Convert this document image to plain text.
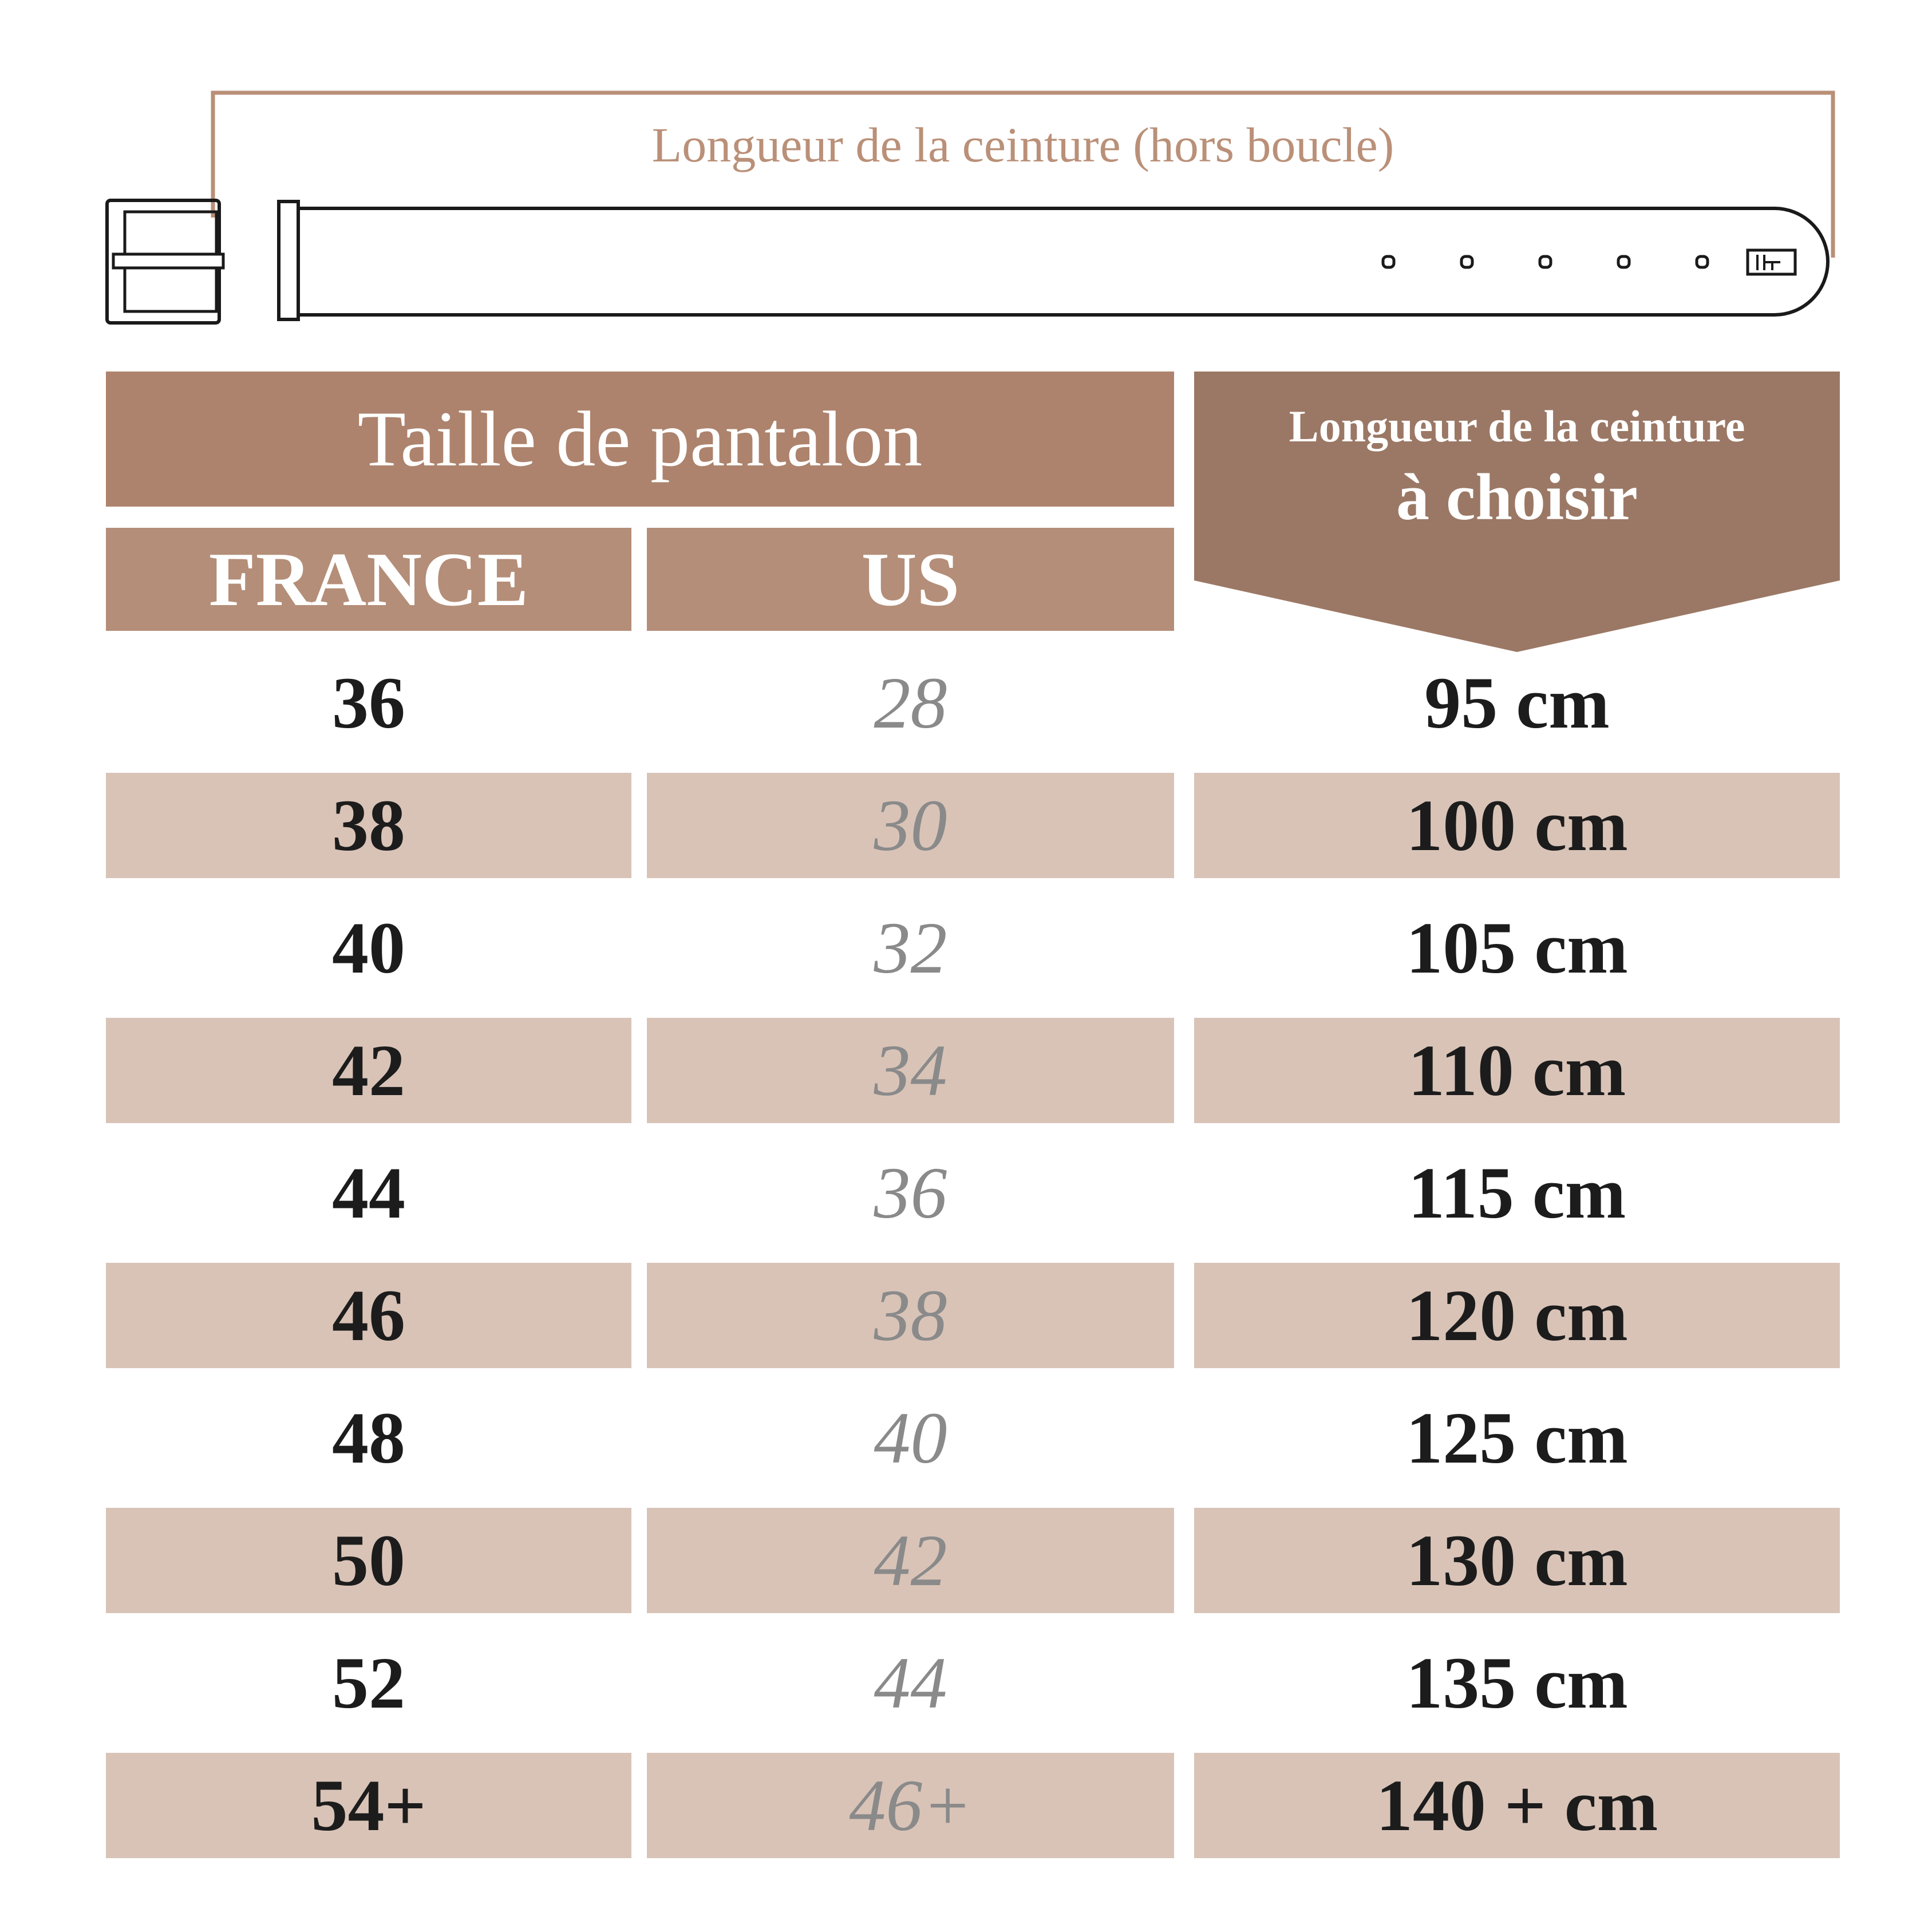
Longueur de la ceinture (hors boucle)
Taille de pantalon
FRANCE	US
Longueur de la ceinture
à choisir
36	28	95 cm
38	30	100 cm
40	32	105 cm
42	34	110 cm
44	36	115 cm
46	38	120 cm
48	40	125 cm
50	42	130 cm
52	44	135 cm
54+	46+	140 + cm
